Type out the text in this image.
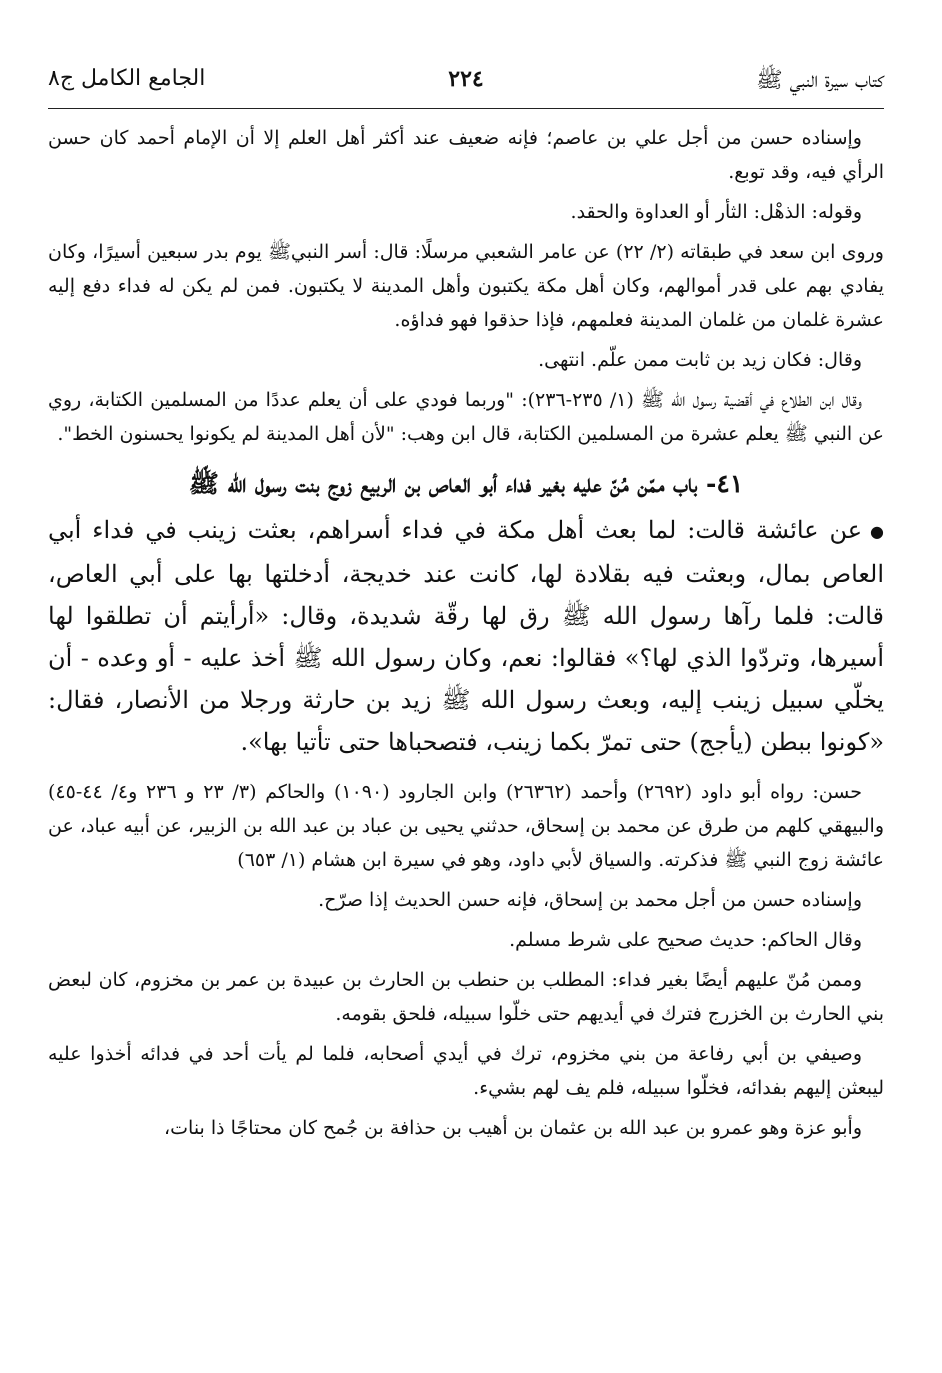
كتاب سيرة النبي ﷺ
٢٢٤
الجامع الكامل ج٨

وإسناده حسن من أجل علي بن عاصم؛ فإنه ضعيف عند أكثر أهل العلم إلا أن الإمام أحمد كان حسن الرأي فيه، وقد توبع.

وقوله: الذهْل: الثأر أو العداوة والحقد.

وروى ابن سعد في طبقاته (٢/ ٢٢) عن عامر الشعبي مرسلًا: قال: أسر النبيﷺ يوم بدر سبعين أسيرًا، وكان يفادي بهم على قدر أموالهم، وكان أهل مكة يكتبون وأهل المدينة لا يكتبون. فمن لم يكن له فداء دفع إليه عشرة غلمان من غلمان المدينة فعلمهم، فإذا حذقوا فهو فداؤه.

وقال: فكان زيد بن ثابت ممن علّم. انتهى.

وقال ابن الطلاع في أقضية رسول الله ﷺ (١/ ٢٣٥-٢٣٦): "وربما فودي على أن يعلم عددًا من المسلمين الكتابة، روي عن النبي ﷺ يعلم عشرة من المسلمين الكتابة، قال ابن وهب: "لأن أهل المدينة لم يكونوا يحسنون الخط".

٤١- باب ممّن مُنّ عليه بغير فداء أبو العاص بن الربيع زوج بنت رسول الله ﷺ

●عن عائشة قالت: لما بعث أهل مكة في فداء أسراهم، بعثت زينب في فداء أبي العاص بمال، وبعثت فيه بقلادة لها، كانت عند خديجة، أدخلتها بها على أبي العاص، قالت: فلما رآها رسول الله ﷺ رق لها رقّة شديدة، وقال: «أرأيتم أن تطلقوا لها أسيرها، وتردّوا الذي لها؟» فقالوا: نعم، وكان رسول الله ﷺ أخذ عليه - أو وعده - أن يخلّي سبيل زينب إليه، وبعث رسول الله ﷺ زيد بن حارثة ورجلا من الأنصار، فقال: «كونوا ببطن (يأجج) حتى تمرّ بكما زينب، فتصحباها حتى تأتيا بها».

حسن: رواه أبو داود (٢٦٩٢) وأحمد (٢٦٣٦٢) وابن الجارود (١٠٩٠) والحاكم (٣/ ٢٣ و ٢٣٦ و٤/ ٤٤-٤٥) والبيهقي كلهم من طرق عن محمد بن إسحاق، حدثني يحيى بن عباد بن عبد الله بن الزبير، عن أبيه عباد، عن عائشة زوج النبي ﷺ فذكرته. والسياق لأبي داود، وهو في سيرة ابن هشام (١/ ٦٥٣)

وإسناده حسن من أجل محمد بن إسحاق، فإنه حسن الحديث إذا صرّح.

وقال الحاكم: حديث صحيح على شرط مسلم.

وممن مُنّ عليهم أيضًا بغير فداء: المطلب بن حنطب بن الحارث بن عبيدة بن عمر بن مخزوم، كان لبعض بني الحارث بن الخزرج فترك في أيديهم حتى خلّوا سبيله، فلحق بقومه.

وصيفي بن أبي رفاعة من بني مخزوم، ترك في أيدي أصحابه، فلما لم يأت أحد في فدائه أخذوا عليه ليبعثن إليهم بفدائه، فخلّوا سبيله، فلم يف لهم بشيء.

وأبو عزة وهو عمرو بن عبد الله بن عثمان بن أهيب بن حذافة بن جُمح كان محتاجًا ذا بنات،
